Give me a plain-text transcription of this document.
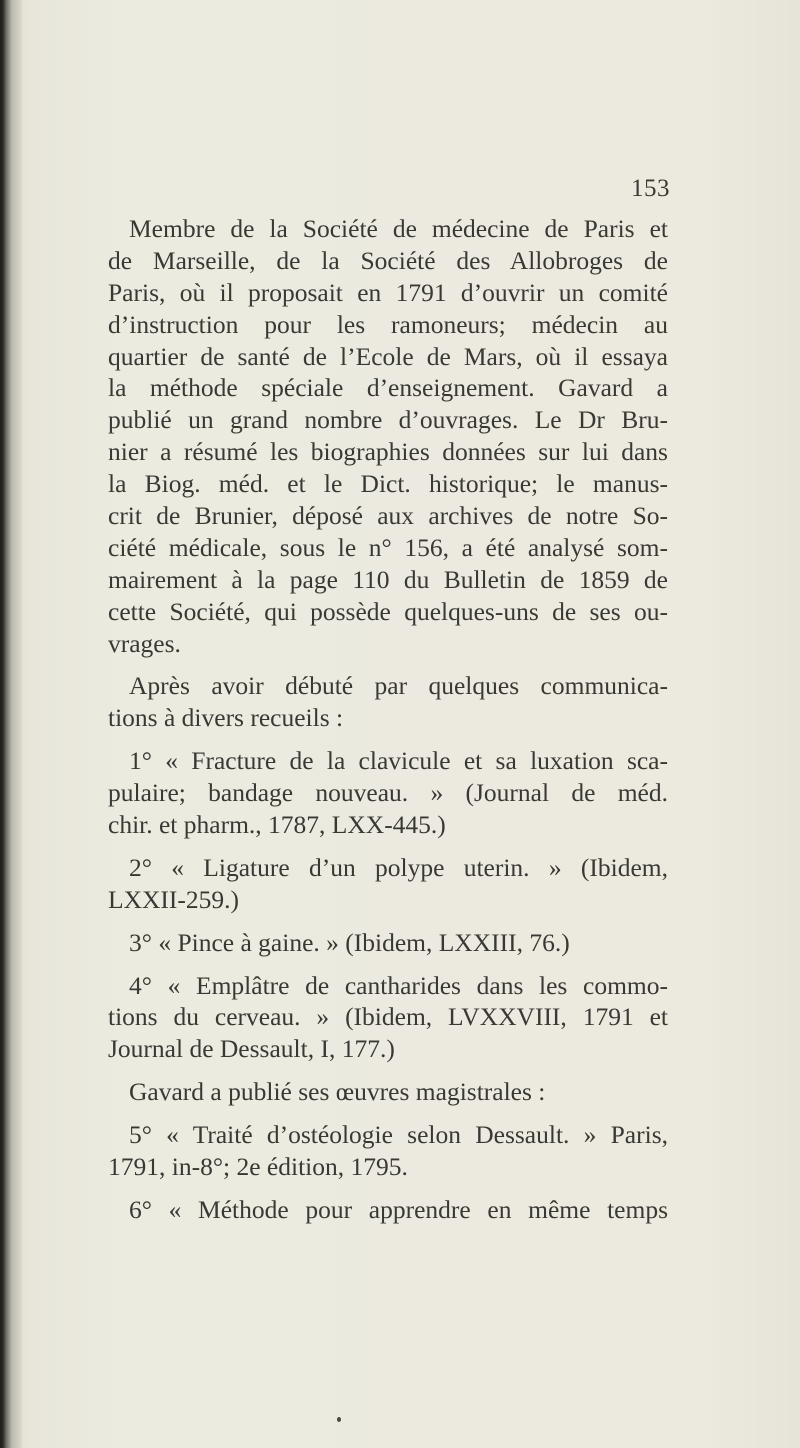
153
Membre de la Société de médecine de Paris et
de Marseille, de la Société des Allobroges de
Paris, où il proposait en 1791 d’ouvrir un comité
d’instruction pour les ramoneurs; médecin au
quartier de santé de l’Ecole de Mars, où il essaya
la méthode spéciale d’enseignement. Gavard a
publié un grand nombre d’ouvrages. Le Dr Bru-
nier a résumé les biographies données sur lui dans
la Biog. méd. et le Dict. historique; le manus-
crit de Brunier, déposé aux archives de notre So-
ciété médicale, sous le n° 156, a été analysé som-
mairement à la page 110 du Bulletin de 1859 de
cette Société, qui possède quelques-uns de ses ou-
vrages.
Après avoir débuté par quelques communica-
tions à divers recueils :
1° « Fracture de la clavicule et sa luxation sca-
pulaire; bandage nouveau. » (Journal de méd.
chir. et pharm., 1787, LXX-445.)
2° « Ligature d’un polype uterin. » (Ibidem,
LXXII-259.)
3° « Pince à gaine. » (Ibidem, LXXIII, 76.)
4° « Emplâtre de cantharides dans les commo-
tions du cerveau. » (Ibidem, LVXXVIII, 1791 et
Journal de Dessault, I, 177.)
Gavard a publié ses œuvres magistrales :
5° « Traité d’ostéologie selon Dessault. » Paris,
1791, in-8°; 2e édition, 1795.
6° « Méthode pour apprendre en même temps
